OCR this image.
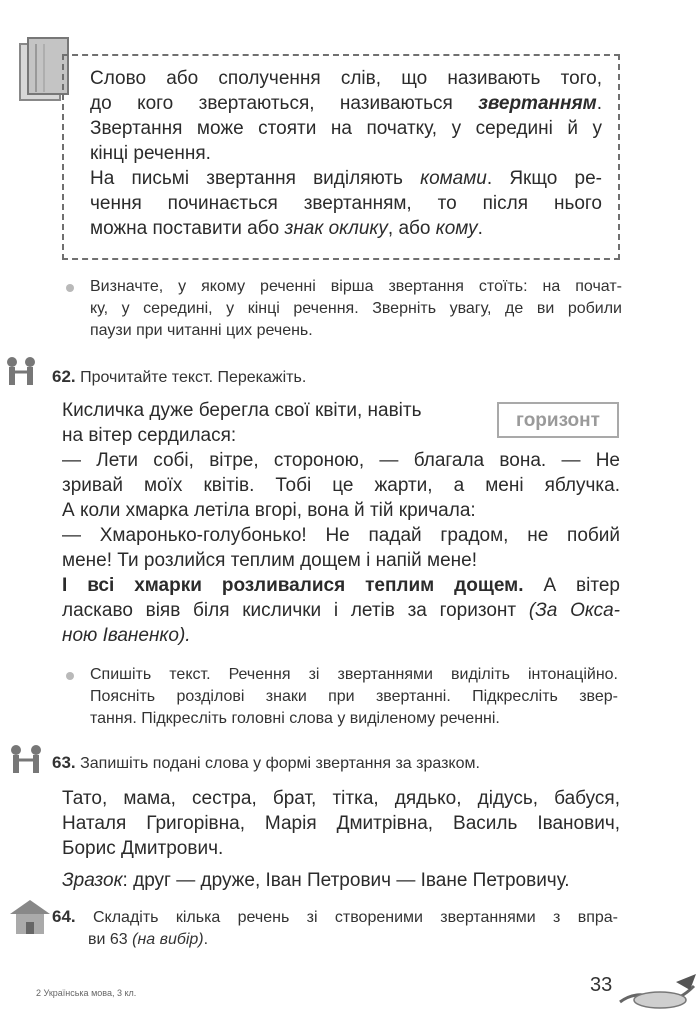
Слово або сполучення слів, що називають того,
до кого звертаються, називаються звертанням.
Звертання може стояти на початку, у середині й у
кінці речення.
На письмі звертання виділяють комами. Якщо ре-
чення починається звертанням, то після нього
можна поставити або знак оклику, або кому.
Визначте, у якому реченні вірша звертання стоїть: на почат-
ку, у середині, у кінці речення. Зверніть увагу, де ви робили
паузи при читанні цих речень.
62. Прочитайте текст. Перекажіть.
горизонт
Кисличка дуже берегла свої квіти, навіть
на вітер сердилася:
— Лети собі, вітре, стороною, — благала вона. — Не
зривай моїх квітів. Тобі це жарти, а мені яблучка.
А коли хмарка летіла вгорі, вона й тій кричала:
— Хмаронько-голубонько! Не падай градом, не побий
мене! Ти розлийся теплим дощем і напій мене!
І всі хмарки розливалися теплим дощем. А вітер
ласкаво віяв біля кислички і летів за горизонт (За Окса-
ною Іваненко).
Спишіть текст. Речення зі звертаннями виділіть інтонаційно.
Поясніть розділові знаки при звертанні. Підкресліть звер-
тання. Підкресліть головні слова у виділеному реченні.
63. Запишіть подані слова у формі звертання за зразком.
Тато, мама, сестра, брат, тітка, дядько, дідусь, бабуся,
Наталя Григорівна, Марія Дмитрівна, Василь Іванович,
Борис Дмитрович.
Зразок: друг — друже, Іван Петрович — Іване Петровичу.
64. Складіть кілька речень зі створеними звертаннями з впра-
ви 63 (на вибір).
2 Українська мова, 3 кл.	33
